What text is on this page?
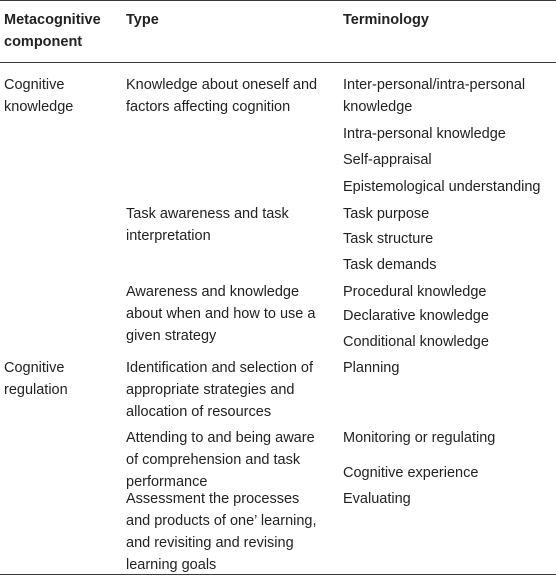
Metacognitive
component
Type	Terminology
Cognitive
knowledge
Knowledge about oneself and
factors affecting cognition
Inter-personal/intra-personal
knowledge
Intra-personal knowledge
Self-appraisal
Epistemological understanding
Task awareness and task
interpretation
Task purpose
Task structure
Task demands
Awareness and knowledge
about when and how to use a
given strategy
Procedural knowledge
Declarative knowledge
Conditional knowledge
Cognitive
regulation
Identification and selection of
appropriate strategies and
allocation of resources
Planning
Attending to and being aware
of comprehension and task
performance
Monitoring or regulating
Cognitive experience
Assessment the processes
and products of one’ learning,
and revisiting and revising
learning goals
Evaluating
